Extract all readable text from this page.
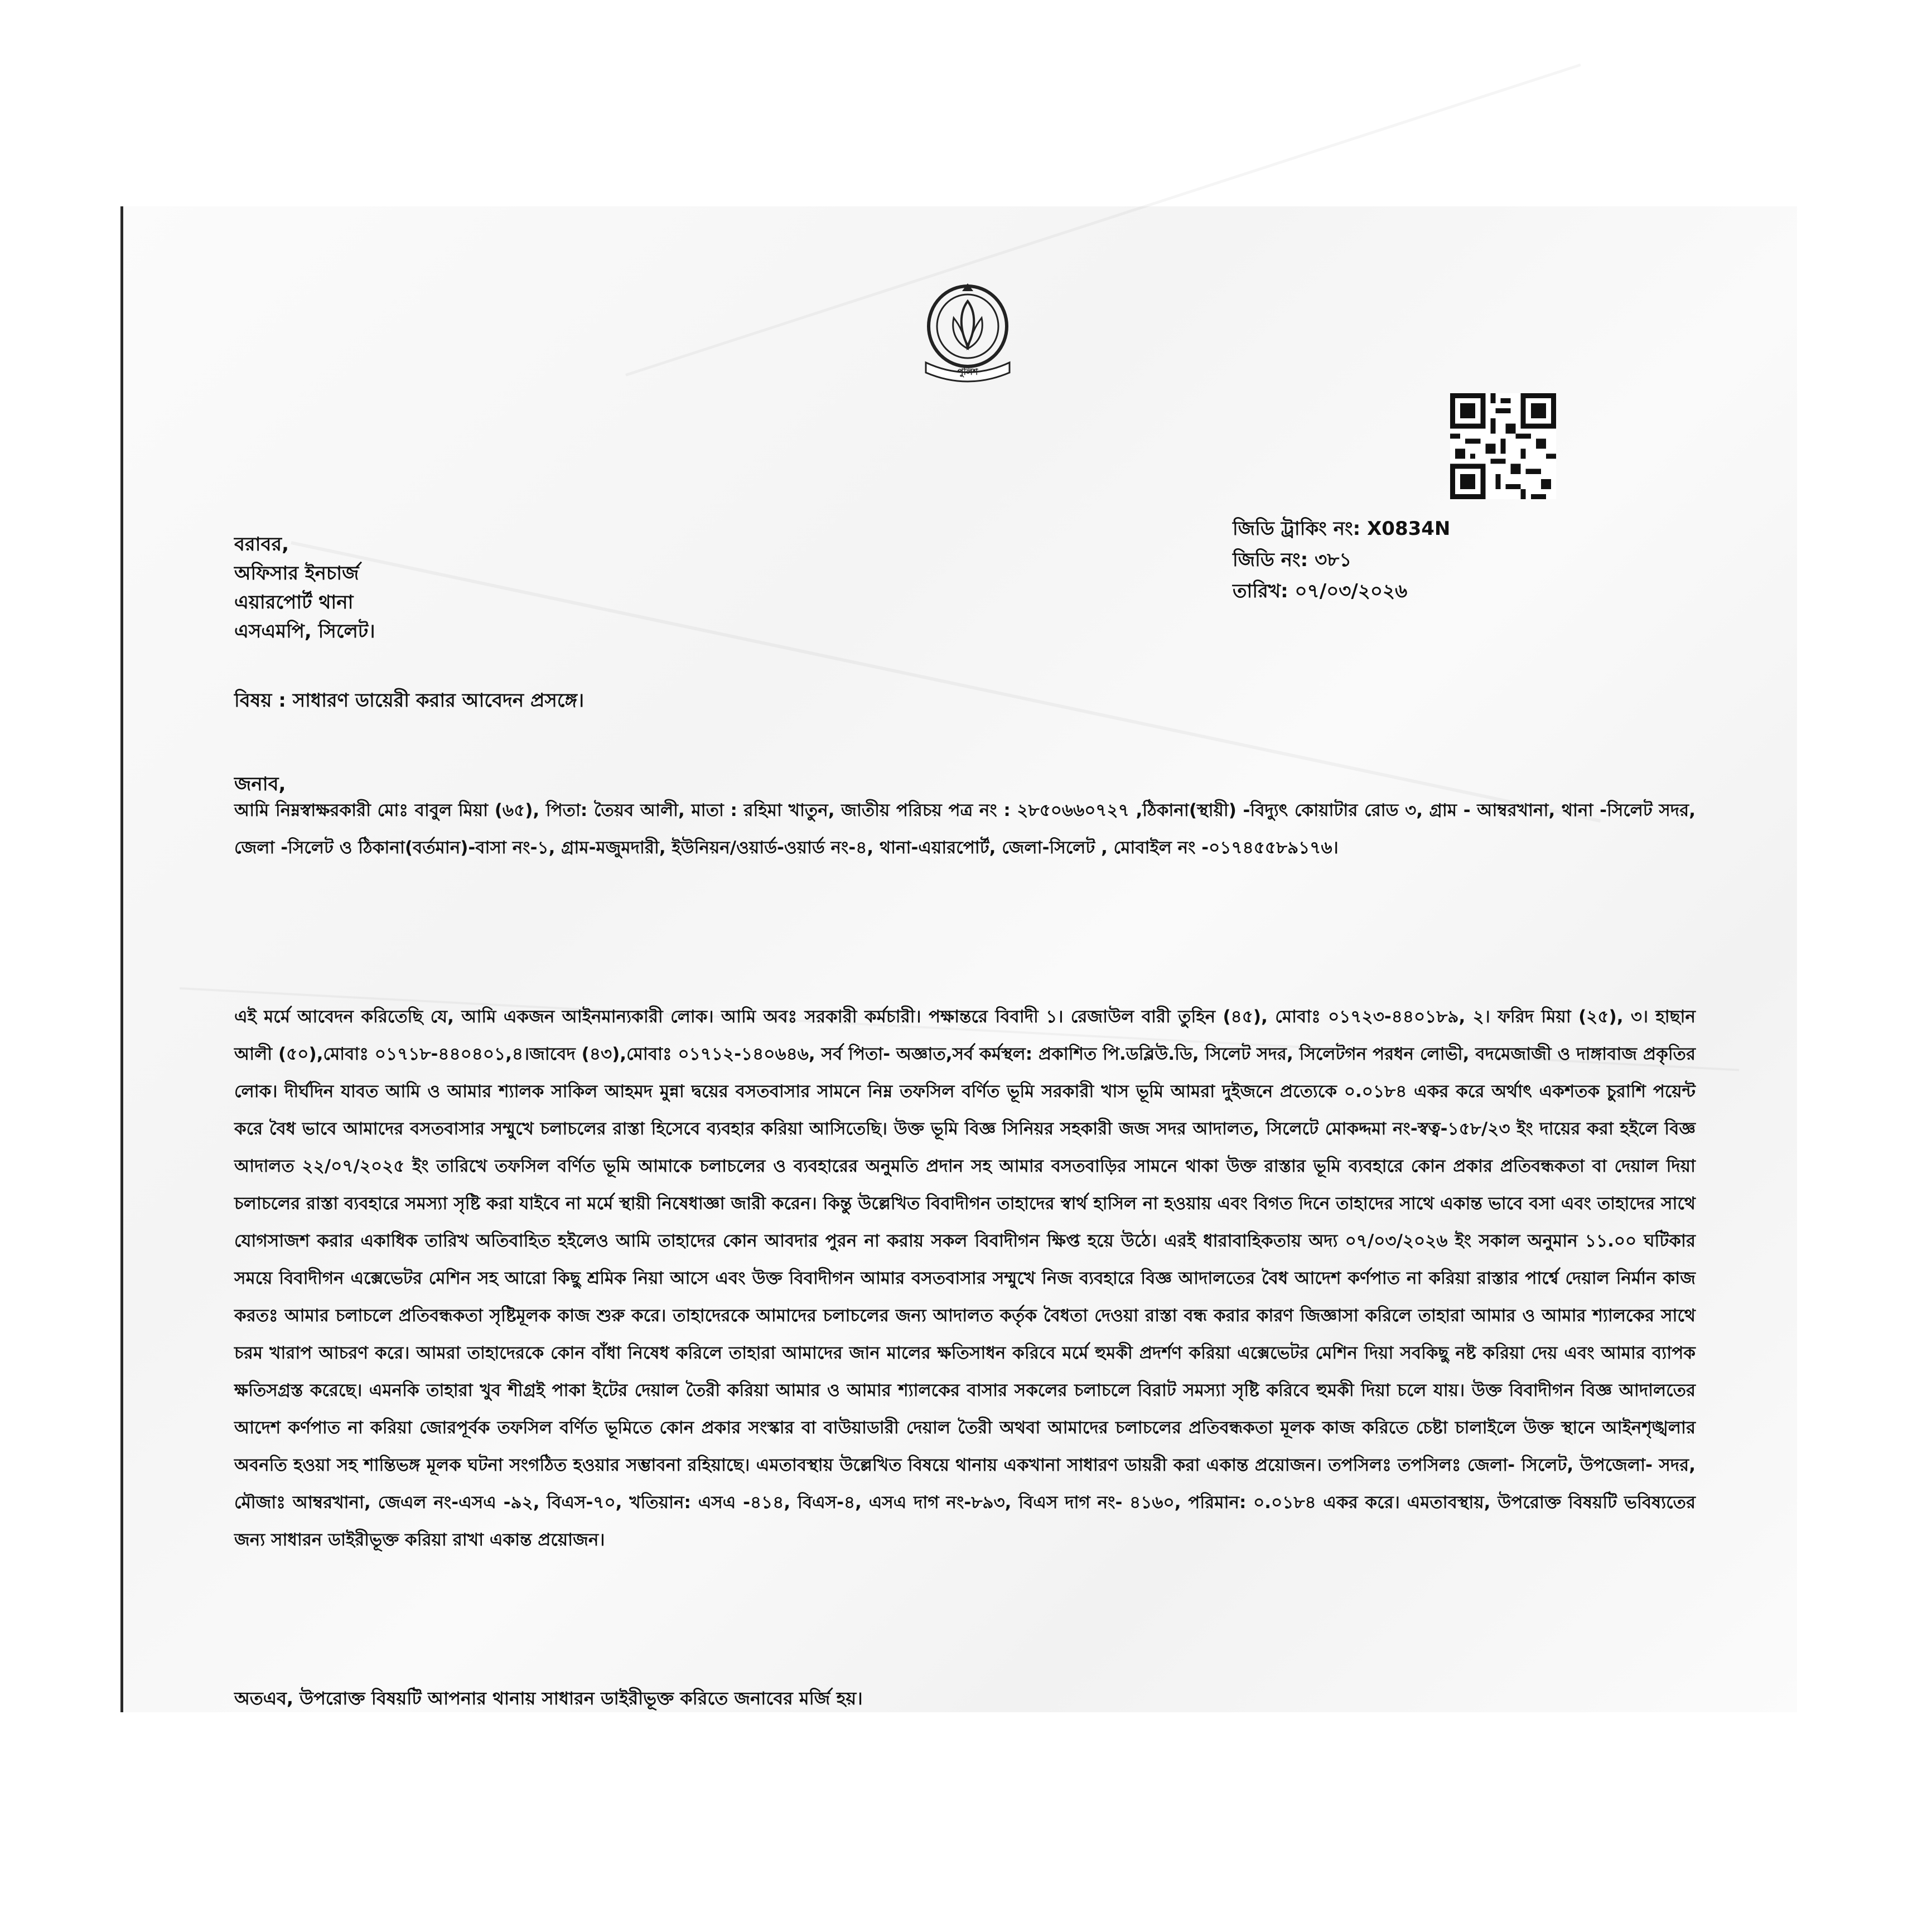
পুলিশ
জিডি ট্রাকিং নং: X0834N
জিডি নং: ৩৮১
তারিখ: ০৭/০৩/২০২৬
বরাবর,
অফিসার ইনচার্জ
এয়ারপোর্ট থানা
এসএমপি, সিলেট।
বিষয় : সাধারণ ডায়েরী করার আবেদন প্রসঙ্গে।
জনাব,
আমি নিম্নস্বাক্ষরকারী মোঃ বাবুল মিয়া (৬৫), পিতা: তৈয়ব আলী, মাতা : রহিমা খাতুন, জাতীয় পরিচয় পত্র নং : ২৮৫০৬৬০৭২৭ ,ঠিকানা(স্থায়ী) -বিদ্যুৎ কোয়াটার রোড ৩, গ্রাম - আম্বরখানা, থানা -সিলেট সদর, জেলা -সিলেট ও ঠিকানা(বর্তমান)-বাসা নং-১, গ্রাম-মজুমদারী, ইউনিয়ন/ওয়ার্ড-ওয়ার্ড নং-৪, থানা-এয়ারপোর্ট, জেলা-সিলেট , মোবাইল নং -০১৭৪৫৫৮৯১৭৬।
এই মর্মে আবেদন করিতেছি যে, আমি একজন আইনমান্যকারী লোক। আমি অবঃ সরকারী কর্মচারী। পক্ষান্তরে বিবাদী ১। রেজাউল বারী তুহিন (৪৫), মোবাঃ ০১৭২৩-৪৪০১৮৯, ২। ফরিদ মিয়া (২৫), ৩। হাছান আলী (৫০),মোবাঃ ০১৭১৮-৪৪০৪০১,৪।জাবেদ (৪৩),মোবাঃ ০১৭১২-১৪০৬৪৬, সর্ব পিতা- অজ্ঞাত,সর্ব কর্মস্থল: প্রকাশিত পি.ডব্লিউ.ডি, সিলেট সদর, সিলেটগন পরধন লোভী, বদমেজাজী ও দাঙ্গাবাজ প্রকৃতির লোক। দীর্ঘদিন যাবত আমি ও আমার শ্যালক সাকিল আহমদ মুন্না দ্বয়ের বসতবাসার সামনে নিম্ন তফসিল বর্ণিত ভূমি সরকারী খাস ভূমি আমরা দুইজনে প্রত্যেকে ০.০১৮৪ একর করে অর্থাৎ একশতক চুরাশি পয়েন্ট করে বৈধ ভাবে আমাদের বসতবাসার সম্মুখে চলাচলের রাস্তা হিসেবে ব্যবহার করিয়া আসিতেছি। উক্ত ভূমি বিজ্ঞ সিনিয়র সহকারী জজ সদর আদালত, সিলেটে মোকদ্দমা নং-স্বত্ব-১৫৮/২৩ ইং দায়ের করা হইলে বিজ্ঞ আদালত ২২/০৭/২০২৫ ইং তারিখে তফসিল বর্ণিত ভূমি আমাকে চলাচলের ও ব্যবহারের অনুমতি প্রদান সহ আমার বসতবাড়ির সামনে থাকা উক্ত রাস্তার ভূমি ব্যবহারে কোন প্রকার প্রতিবন্ধকতা বা দেয়াল দিয়া চলাচলের রাস্তা ব্যবহারে সমস্যা সৃষ্টি করা যাইবে না মর্মে স্থায়ী নিষেধাজ্ঞা জারী করেন। কিন্তু উল্লেখিত বিবাদীগন তাহাদের স্বার্থ হাসিল না হওয়ায় এবং বিগত দিনে তাহাদের সাথে একান্ত ভাবে বসা এবং তাহাদের সাথে যোগসাজশ করার একাধিক তারিখ অতিবাহিত হইলেও আমি তাহাদের কোন আবদার পুরন না করায় সকল বিবাদীগন ক্ষিপ্ত হয়ে উঠে। এরই ধারাবাহিকতায় অদ্য ০৭/০৩/২০২৬ ইং সকাল অনুমান ১১.০০ ঘটিকার সময়ে বিবাদীগন এক্সেভেটর মেশিন সহ আরো কিছু শ্রমিক নিয়া আসে এবং উক্ত বিবাদীগন আমার বসতবাসার সম্মুখে নিজ ব্যবহারে বিজ্ঞ আদালতের বৈধ আদেশ কর্ণপাত না করিয়া রাস্তার পার্শ্বে দেয়াল নির্মান কাজ করতঃ আমার চলাচলে প্রতিবন্ধকতা সৃষ্টিমূলক কাজ শুরু করে। তাহাদেরকে আমাদের চলাচলের জন্য আদালত কর্তৃক বৈধতা দেওয়া রাস্তা বন্ধ করার কারণ জিজ্ঞাসা করিলে তাহারা আমার ও আমার শ্যালকের সাথে চরম খারাপ আচরণ করে। আমরা তাহাদেরকে কোন বাঁধা নিষেধ করিলে তাহারা আমাদের জান মালের ক্ষতিসাধন করিবে মর্মে হুমকী প্রদর্শণ করিয়া এক্সেভেটর মেশিন দিয়া সবকিছু নষ্ট করিয়া দেয় এবং আমার ব্যাপক ক্ষতিসগ্রস্ত করেছে। এমনকি তাহারা খুব শীগ্রই পাকা ইটের দেয়াল তৈরী করিয়া আমার ও আমার শ্যালকের বাসার সকলের চলাচলে বিরাট সমস্যা সৃষ্টি করিবে হুমকী দিয়া চলে যায়। উক্ত বিবাদীগন বিজ্ঞ আদালতের আদেশ কর্ণপাত না করিয়া জোরপূর্বক তফসিল বর্ণিত ভূমিতে কোন প্রকার সংস্কার বা বাউয়াডারী দেয়াল তৈরী অথবা আমাদের চলাচলের প্রতিবন্ধকতা মূলক কাজ করিতে চেষ্টা চালাইলে উক্ত স্থানে আইনশৃঙ্খলার অবনতি হওয়া সহ শান্তিভঙ্গ মূলক ঘটনা সংগঠিত হওয়ার সম্ভাবনা রহিয়াছে। এমতাবস্থায় উল্লেখিত বিষয়ে থানায় একখানা সাধারণ ডায়রী করা একান্ত প্রয়োজন। তপসিলঃ তপসিলঃ জেলা- সিলেট, উপজেলা- সদর, মৌজাঃ আম্বরখানা, জেএল নং-এসএ -৯২, বিএস-৭০, খতিয়ান: এসএ -৪১৪, বিএস-৪, এসএ দাগ নং-৮৯৩, বিএস দাগ নং- ৪১৬০, পরিমান: ০.০১৮৪ একর করে। এমতাবস্থায়, উপরোক্ত বিষয়টি ভবিষ্যতের জন্য সাধারন ডাইরীভূক্ত করিয়া রাখা একান্ত প্রয়োজন।
অতএব, উপরোক্ত বিষয়টি আপনার থানায় সাধারন ডাইরীভূক্ত করিতে জনাবের মর্জি হয়।
